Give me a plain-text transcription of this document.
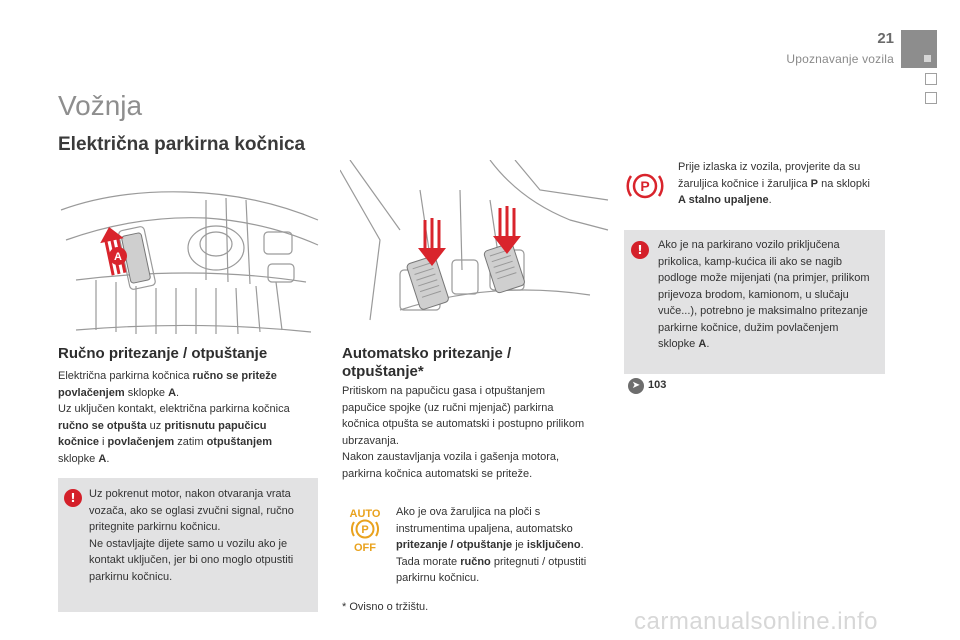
21
Upoznavanje vozila
Vožnja
Električna parkirna kočnica
A
Ručno pritezanje / otpuštanje
Električna parkirna kočnica ručno se priteže povlačenjem sklopke A.
Uz uključen kontakt, električna parkirna kočnica ručno se otpušta uz pritisnutu papučicu kočnice i povlačenjem zatim otpuštanjem sklopke A.
!	Uz pokrenut motor, nakon otvaranja vrata vozača, ako se oglasi zvučni signal, ručno pritegnite parkirnu kočnicu.
Ne ostavljajte dijete samo u vozilu ako je kontakt uključen, jer bi ono moglo otpustiti parkirnu kočnicu.
Automatsko pritezanje / otpuštanje*
Pritiskom na papučicu gasa i otpuštanjem papučice spojke (uz ručni mjenjač) parkirna kočnica otpušta se automatski i postupno prilikom ubrzavanja.
Nakon zaustavljanja vozila i gašenja motora, parkirna kočnica automatski se priteže.
AUTO
P
OFF
Ako je ova žaruljica na ploči s instrumentima upaljena, automatsko pritezanje / otpuštanje je isključeno. Tada morate ručno pritegnuti / otpustiti parkirnu kočnicu.
* Ovisno o tržištu.
P
Prije izlaska iz vozila, provjerite da su žaruljica kočnice i žaruljica P na sklopki A stalno upaljene.
!	Ako je na parkirano vozilo priključena prikolica, kamp-kućica ili ako se nagib podloge može mijenjati (na primjer, prilikom prijevoza brodom, kamionom, u slučaju vuče...), potrebno je maksimalno pritezanje parkirne kočnice, dužim povlačenjem sklopke A.
➤ 103
carmanualsonline.info
